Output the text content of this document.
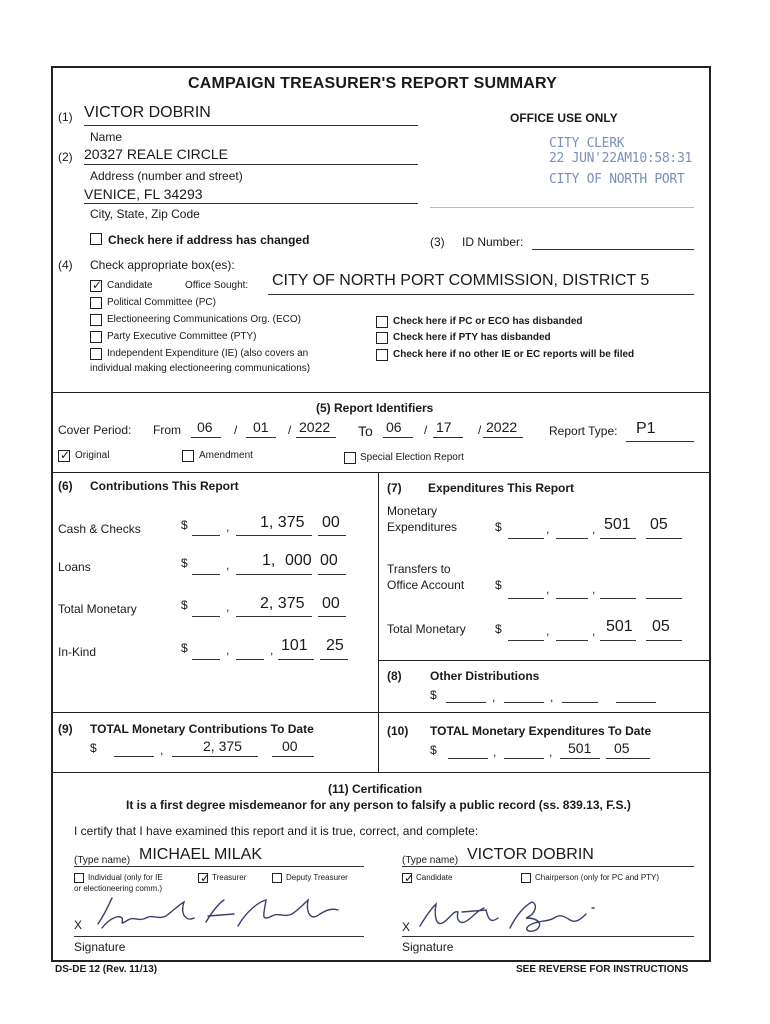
CAMPAIGN TREASURER'S REPORT SUMMARY
(1) VICTOR DOBRIN
Name
(2) 20327 REALE CIRCLE
Address (number and street)
VENICE, FL 34293
City, State, Zip Code
Check here if address has changed
OFFICE USE ONLY
CITY CLERK
22 JUN'22AM10:58:31
CITY OF NORTH PORT
(3) ID Number:
(4) Check appropriate box(es):
✓
Candidate	Office Sought: CITY OF NORTH PORT COMMISSION, DISTRICT 5
Political Committee (PC)
Electioneering Communications Org. (ECO)
Party Executive Committee (PTY)
Independent Expenditure (IE) (also covers an
individual making electioneering communications)
Check here if PC or ECO has disbanded
Check here if PTY has disbanded
Check here if no other IE or EC reports will be filed
(5) Report Identifiers
Cover Period: From 06 / 01 / 2022 To 06 / 17 / 2022	Report Type: P1
✓
Original	Amendment	Special Election Report
(6) Contributions This Report
Cash & Checks	$	, 1, 375 00
Loans	$	, 1, 000 00
Total Monetary	$	, 2, 375 00
In-Kind	$	,	, 101 25
(7) Expenditures This Report
Monetary
Expenditures	$	,	, 501 05
Transfers to
Office Account	$	,	,
Total Monetary $	,	, 501 05
(8) Other Distributions
$	,	,
(9) TOTAL Monetary Contributions To Date
$	,	2, 375	00
(10) TOTAL Monetary Expenditures To Date
$	,	, 501 05
(11) Certification
It is a first degree misdemeanor for any person to falsify a public record (ss. 839.13, F.S.)
I certify that I have examined this report and it is true, correct, and complete:
(Type name) MICHAEL MILAK	(Type name) VICTOR DOBRIN
Individual (only for IE
or electioneering comm.)
✓
Treasurer	Deputy Treasurer
✓	Candidate	Chairperson (only for PC and PTY)
X
Signature
X
Signature
DS-DE 12 (Rev. 11/13)	SEE REVERSE FOR INSTRUCTIONS
